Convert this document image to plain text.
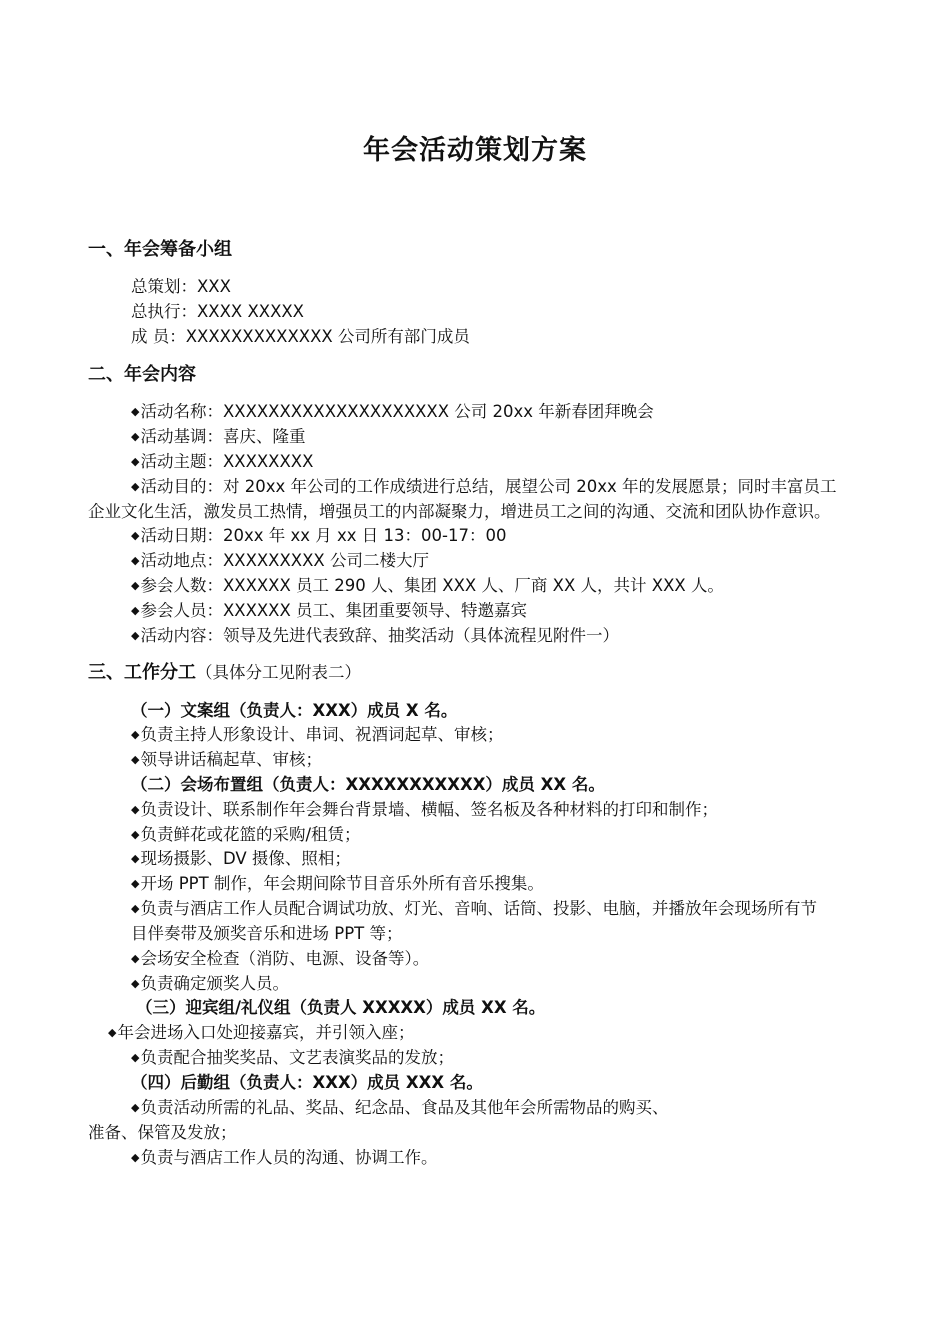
年会活动策划方案
一、年会筹备小组
总策划：XXX
总执行：XXXX XXXXX
成 员：XXXXXXXXXXXXX 公司所有部门成员
二、年会内容
◆活动名称：XXXXXXXXXXXXXXXXXXXX 公司 20xx 年新春团拜晚会
◆活动基调：喜庆、隆重
◆活动主题：XXXXXXXX
◆活动目的：对 20xx 年公司的工作成绩进行总结，展望公司 20xx 年的发展愿景；同时丰富员工
企业文化生活，激发员工热情，增强员工的内部凝聚力，增进员工之间的沟通、交流和团队协作意识。
◆活动日期：20xx 年 xx 月 xx 日 13：00-17：00
◆活动地点：XXXXXXXXX 公司二楼大厅
◆参会人数：XXXXXX 员工 290 人、集团 XXX 人、厂商 XX 人，共计 XXX 人。
◆参会人员：XXXXXX 员工、集团重要领导、特邀嘉宾
◆活动内容：领导及先进代表致辞、抽奖活动（具体流程见附件一）
三、工作分工（具体分工见附表二）
（一）文案组（负责人：XXX）成员 X 名。
◆负责主持人形象设计、串词、祝酒词起草、审核；
◆领导讲话稿起草、审核；
（二）会场布置组（负责人：XXXXXXXXXXX）成员 XX 名。
◆负责设计、联系制作年会舞台背景墙、横幅、签名板及各种材料的打印和制作；
◆负责鲜花或花篮的采购/租赁；
◆现场摄影、DV 摄像、照相；
◆开场 PPT 制作，年会期间除节目音乐外所有音乐搜集。
◆负责与酒店工作人员配合调试功放、灯光、音响、话筒、投影、电脑，并播放年会现场所有节
目伴奏带及颁奖音乐和进场 PPT 等；
◆会场安全检查（消防、电源、设备等）。
◆负责确定颁奖人员。
（三）迎宾组/礼仪组（负责人 XXXXX）成员 XX 名。
◆年会进场入口处迎接嘉宾，并引领入座；
◆负责配合抽奖奖品、文艺表演奖品的发放；
（四）后勤组（负责人：XXX）成员 XXX 名。
◆负责活动所需的礼品、奖品、纪念品、食品及其他年会所需物品的购买、
准备、保管及发放；
◆负责与酒店工作人员的沟通、协调工作。
